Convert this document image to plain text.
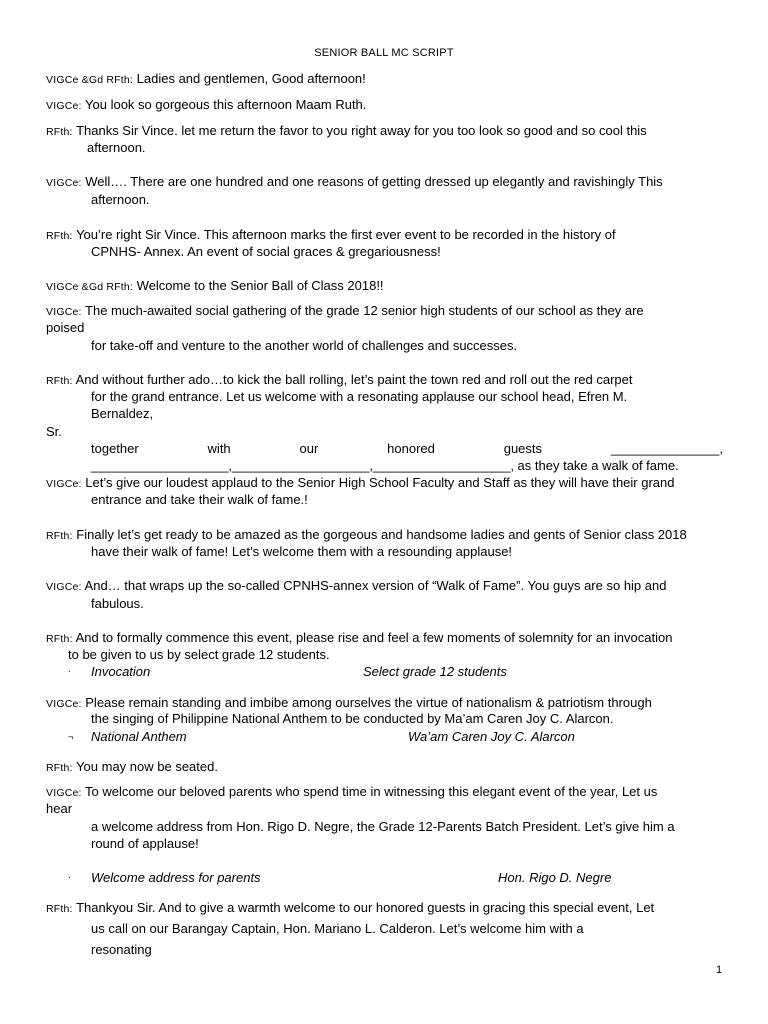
SENIOR BALL MC SCRIPT
VIGCe &Gd RFth: Ladies and gentlemen, Good afternoon!
VIGCe: You look so gorgeous this afternoon Maam Ruth.
RFth: Thanks Sir Vince. let me return the favor to you right away for you too look so good and so cool this
afternoon.
VIGCe: Well…. There are one hundred and one reasons of getting dressed up elegantly and ravishingly This
afternoon.
RFth: You’re right Sir Vince. This afternoon marks the first ever event to be recorded in the history of
CPNHS- Annex. An event of social graces & gregariousness!
VIGCe &Gd RFth: Welcome to the Senior Ball of Class 2018!!
VIGCe: The much-awaited social gathering of the grade 12 senior high students of our school as they are
poised
for take-off and venture to the another world of challenges and successes.
RFth: And without further ado…to kick the ball rolling, let’s paint the town red and roll out the red carpet
for the grand entrance. Let us welcome with a resonating applause our school head, Efren M.
Bernaldez,
Sr.
together	with	our	honored	guests	_______________,
___________________,___________________,___________________, as they take a walk of fame.
VIGCe: Let’s give our loudest applaud to the Senior High School Faculty and Staff as they will have their grand
entrance and take their walk of fame.!
RFth: Finally let’s get ready to be amazed as the gorgeous and handsome ladies and gents of Senior class 2018
have their walk of fame! Let’s welcome them with a resounding applause!
VIGCe: And… that wraps up the so-called CPNHS-annex version of “Walk of Fame”. You guys are so hip and
fabulous.
RFth: And to formally commence this event, please rise and feel a few moments of solemnity for an invocation
to be given to us by select grade 12 students.
· Invocation	Select grade 12 students
VIGCe: Please remain standing and imbibe among ourselves the virtue of nationalism & patriotism through
the singing of Philippine National Anthem to be conducted by Ma’am Caren Joy C. Alarcon.
¬ National Anthem	Wa’am Caren Joy C. Alarcon
RFth: You may now be seated.
VIGCe: To welcome our beloved parents who spend time in witnessing this elegant event of the year, Let us
hear
a welcome address from Hon. Rigo D. Negre, the Grade 12-Parents Batch President. Let’s give him a
round of applause!
· Welcome address for parents	Hon. Rigo D. Negre
RFth: Thankyou Sir. And to give a warmth welcome to our honored guests in gracing this special event, Let
us call on our Barangay Captain, Hon. Mariano L. Calderon. Let’s welcome him with a
resonating
1
